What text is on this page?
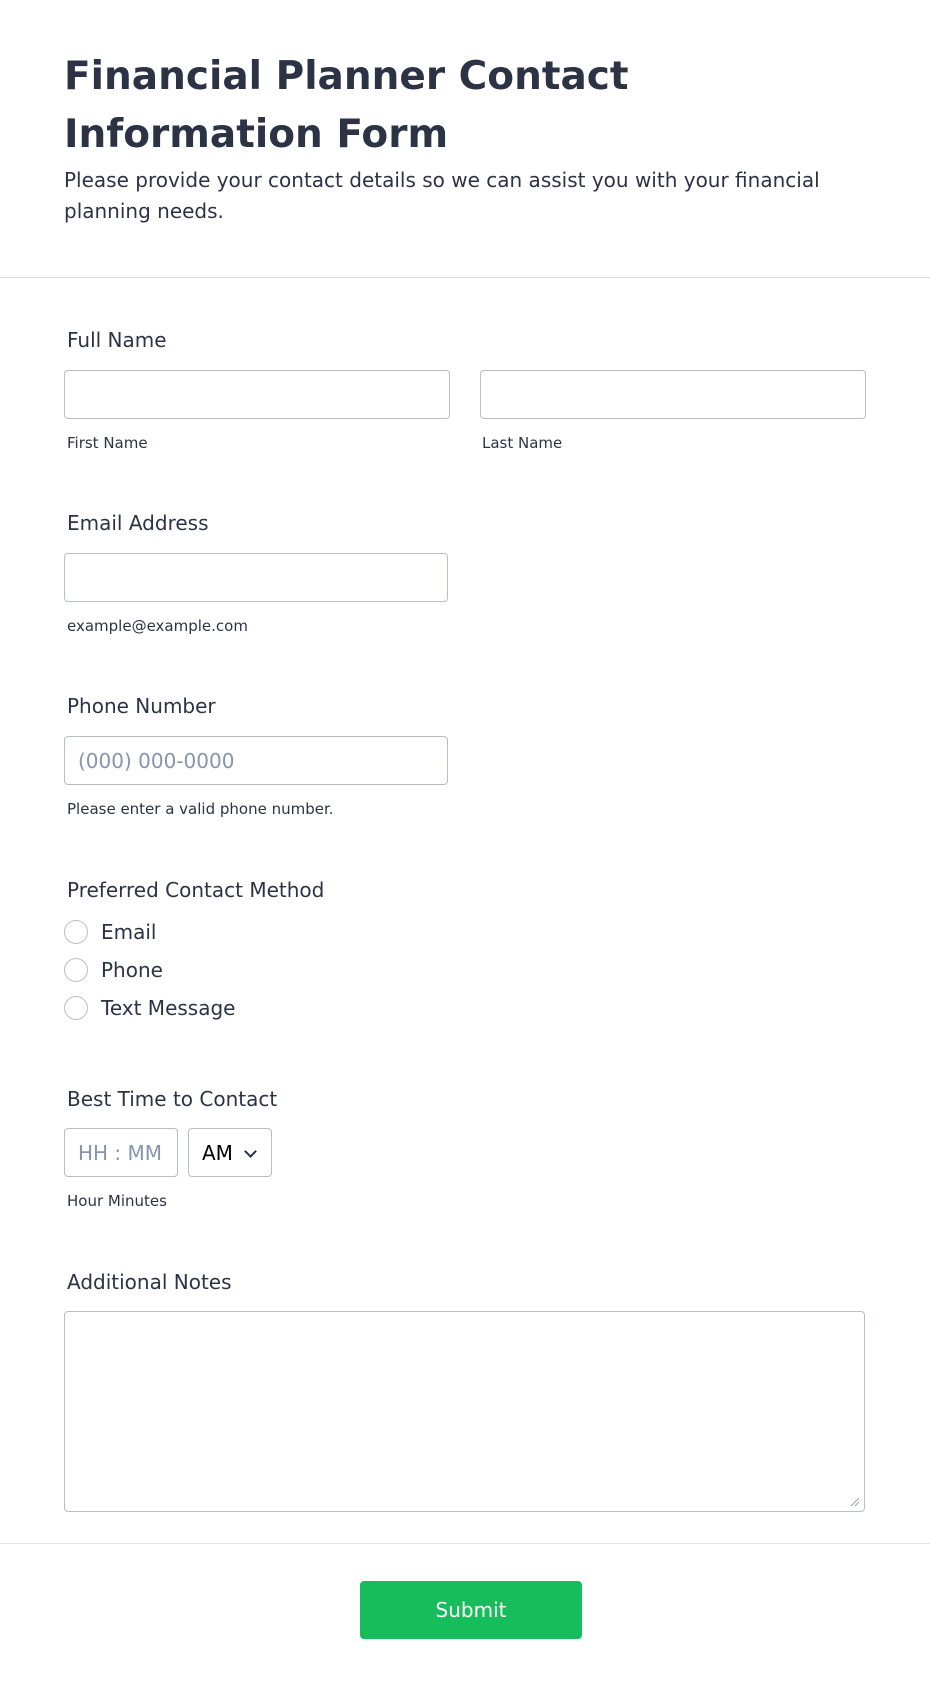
Financial Planner Contact Information Form

Please provide your contact details so we can assist you with your financial planning needs.

Full Name
First Name	Last Name
Email Address
example@example.com
Phone Number
(000) 000-0000
Please enter a valid phone number.
Preferred Contact Method
Email
Phone
Text Message
Best Time to Contact
HH : MM
AM
Hour Minutes
Additional Notes
Submit
